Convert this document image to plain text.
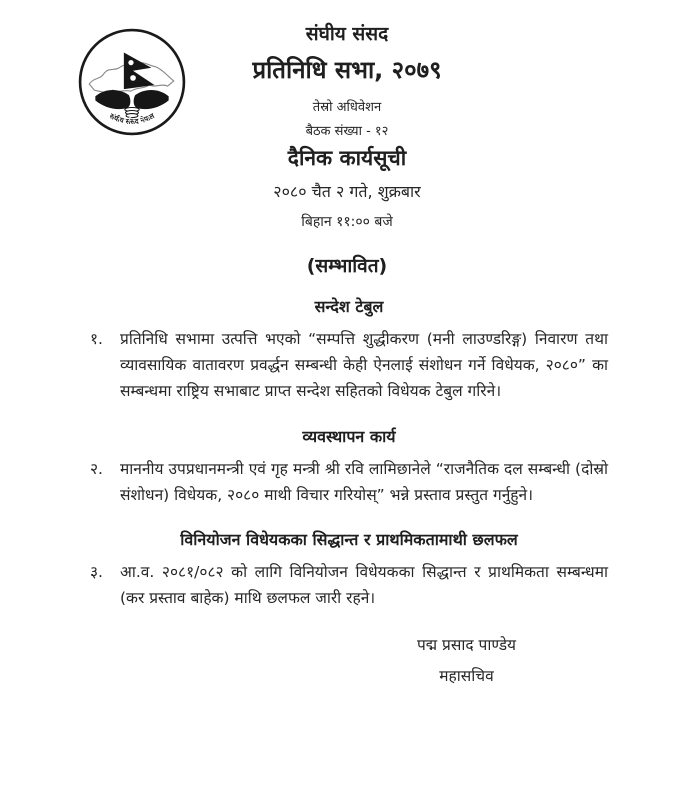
संघीय संसद नेपाल
संघीय संसद
प्रतिनिधि सभा, २०७९
तेस्रो अधिवेशन
बैठक संख्या - १२
दैनिक कार्यसूची
२०८० चैत २ गते, शुक्रबार
बिहान ११:०० बजे
(सम्भावित)
सन्देश टेबुल
१.	प्रतिनिधि सभामा उत्पत्ति भएको “सम्पत्ति शुद्धीकरण (मनी लाउण्डरिङ्ग) निवारण तथा व्यावसायिक वातावरण प्रवर्द्धन सम्बन्धी केही ऐनलाई संशोधन गर्ने विधेयक, २०८०” का सम्बन्धमा राष्ट्रिय सभाबाट प्राप्त सन्देश सहितको विधेयक टेबुल गरिने।

व्यवस्थापन कार्य
२.	माननीय उपप्रधानमन्त्री एवं गृह मन्त्री श्री रवि लामिछानेले “राजनैतिक दल सम्बन्धी (दोस्रो संशोधन) विधेयक, २०८० माथी विचार गरियोस्” भन्ने प्रस्ताव प्रस्तुत गर्नुहुने।

विनियोजन विधेयकका सिद्धान्त र प्राथमिकतामाथी छलफल
३.	आ.व. २०८१/०८२ को लागि विनियोजन विधेयकका सिद्धान्त र प्राथमिकता सम्बन्धमा (कर प्रस्ताव बाहेक) माथि छलफल जारी रहने।

पद्म प्रसाद पाण्डेय
महासचिव
